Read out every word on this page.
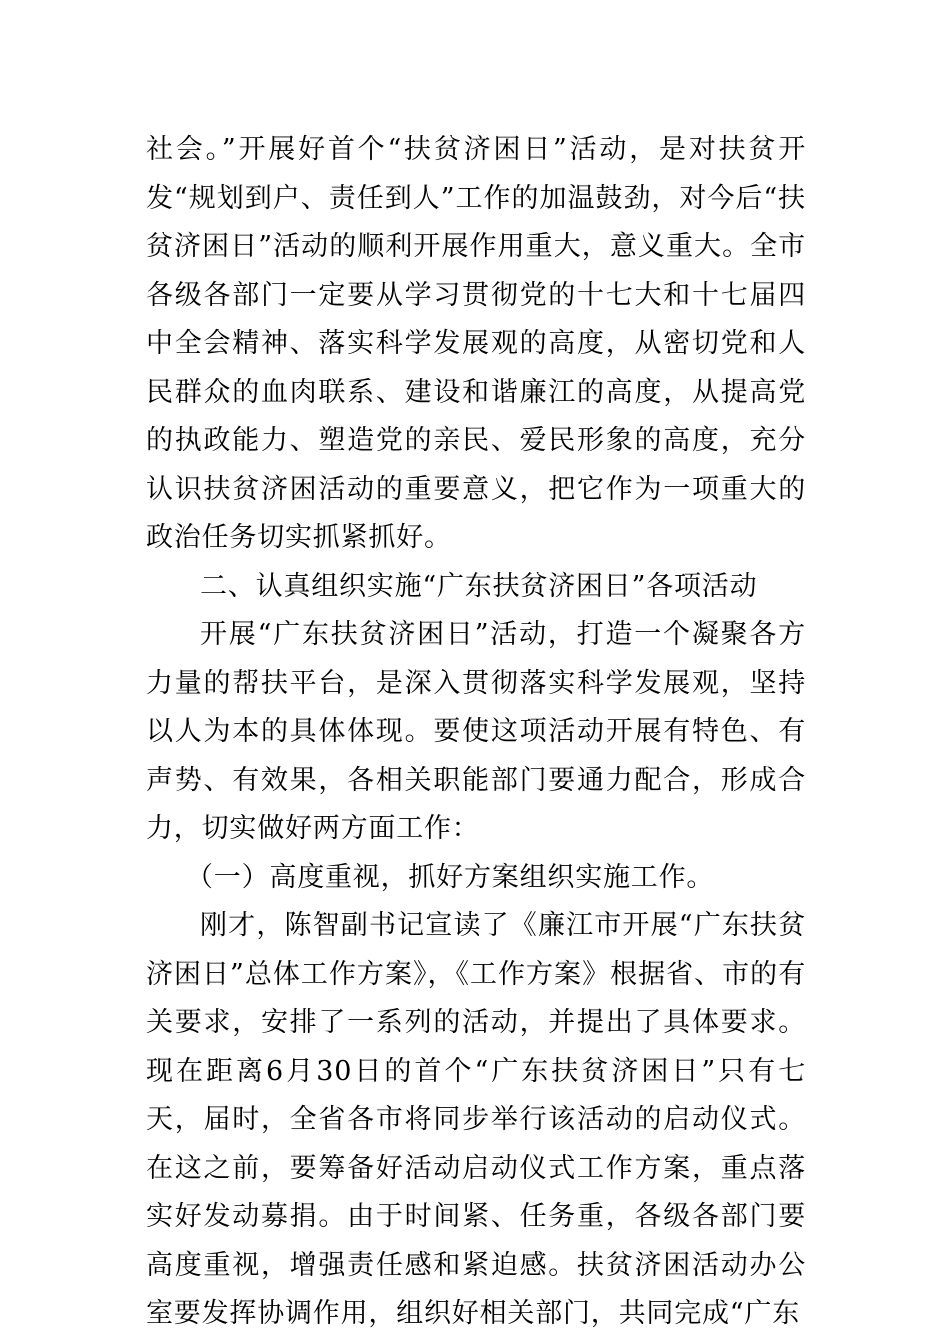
社会。”开展好首个“扶贫济困日”活动，是对扶贫开发“规划到户、责任到人”工作的加温鼓劲，对今后“扶贫济困日”活动的顺利开展作用重大，意义重大。全市各级各部门一定要从学习贯彻党的十七大和十七届四中全会精神、落实科学发展观的高度，从密切党和人民群众的血肉联系、建设和谐廉江的高度，从提高党的执政能力、塑造党的亲民、爱民形象的高度，充分认识扶贫济困活动的重要意义，把它作为一项重大的政治任务切实抓紧抓好。

二、认真组织实施“广东扶贫济困日”各项活动

开展“广东扶贫济困日”活动，打造一个凝聚各方力量的帮扶平台，是深入贯彻落实科学发展观，坚持以人为本的具体体现。要使这项活动开展有特色、有声势、有效果，各相关职能部门要通力配合，形成合力，切实做好两方面工作：

（一）高度重视，抓好方案组织实施工作。

刚才，陈智副书记宣读了《廉江市开展“广东扶贫济困日”总体工作方案》，《工作方案》根据省、市的有关要求，安排了一系列的活动，并提出了具体要求。现在距离6月30日的首个“广东扶贫济困日”只有七天，届时，全省各市将同步举行该活动的启动仪式。在这之前，要筹备好活动启动仪式工作方案，重点落实好发动募捐。由于时间紧、任务重，各级各部门要高度重视，增强责任感和紧迫感。扶贫济困活动办公室要发挥协调作用，组织好相关部门，共同完成“广东
